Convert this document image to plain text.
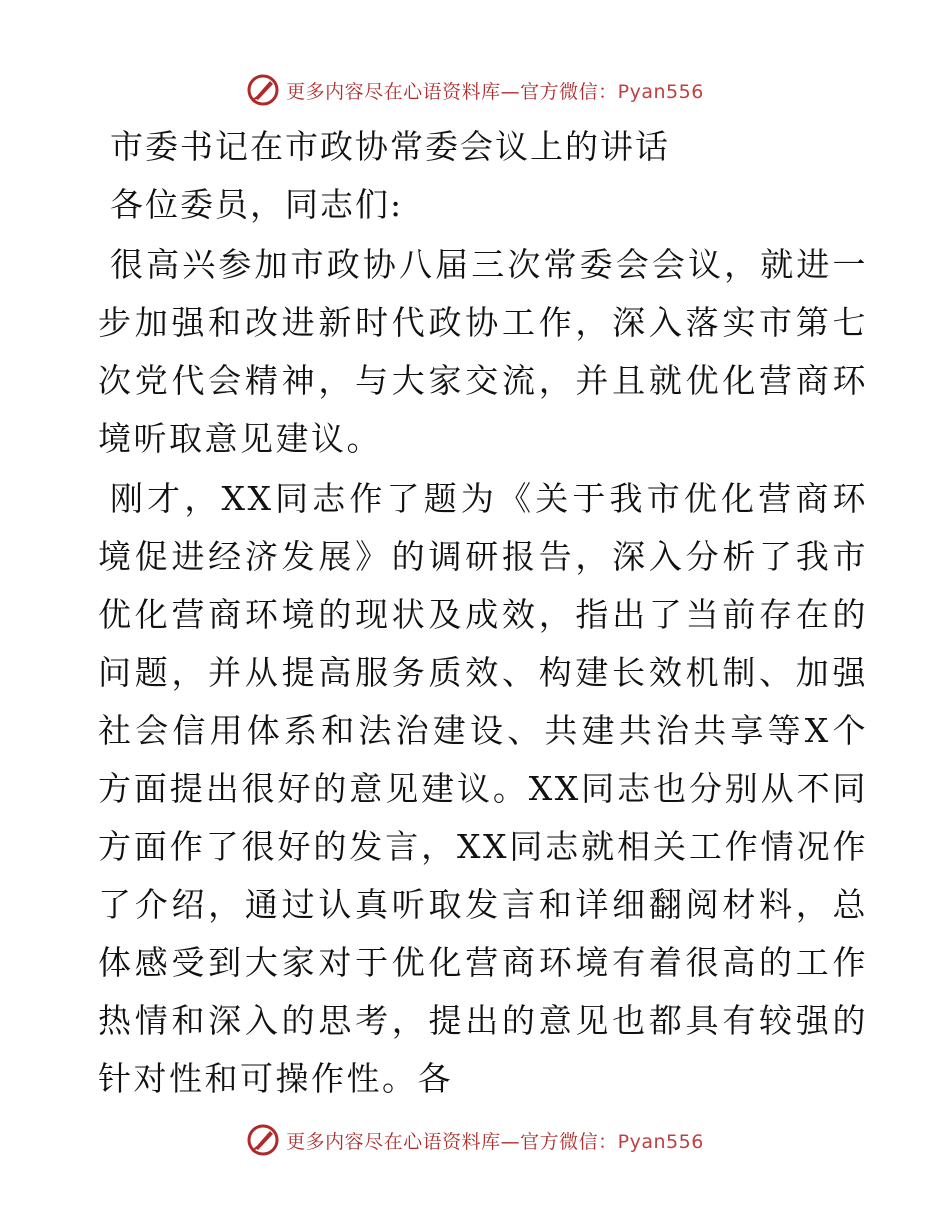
更多内容尽在心语资料库—官方微信：Pyan556

市委书记在市政协常委会议上的讲话

各位委员，同志们:

很高兴参加市政协八届三次常委会会议，就进一步加强和改进新时代政协工作，深入落实市第七次党代会精神，与大家交流，并且就优化营商环境听取意见建议。

刚才，XX同志作了题为《关于我市优化营商环境促进经济发展》的调研报告，深入分析了我市优化营商环境的现状及成效，指出了当前存在的问题，并从提高服务质效、构建长效机制、加强社会信用体系和法治建设、共建共治共享等X个方面提出很好的意见建议。XX同志也分别从不同方面作了很好的发言，XX同志就相关工作情况作了介绍，通过认真听取发言和详细翻阅材料，总体感受到大家对于优化营商环境有着很高的工作热情和深入的思考，提出的意见也都具有较强的针对性和可操作性。各

更多内容尽在心语资料库—官方微信：Pyan556
